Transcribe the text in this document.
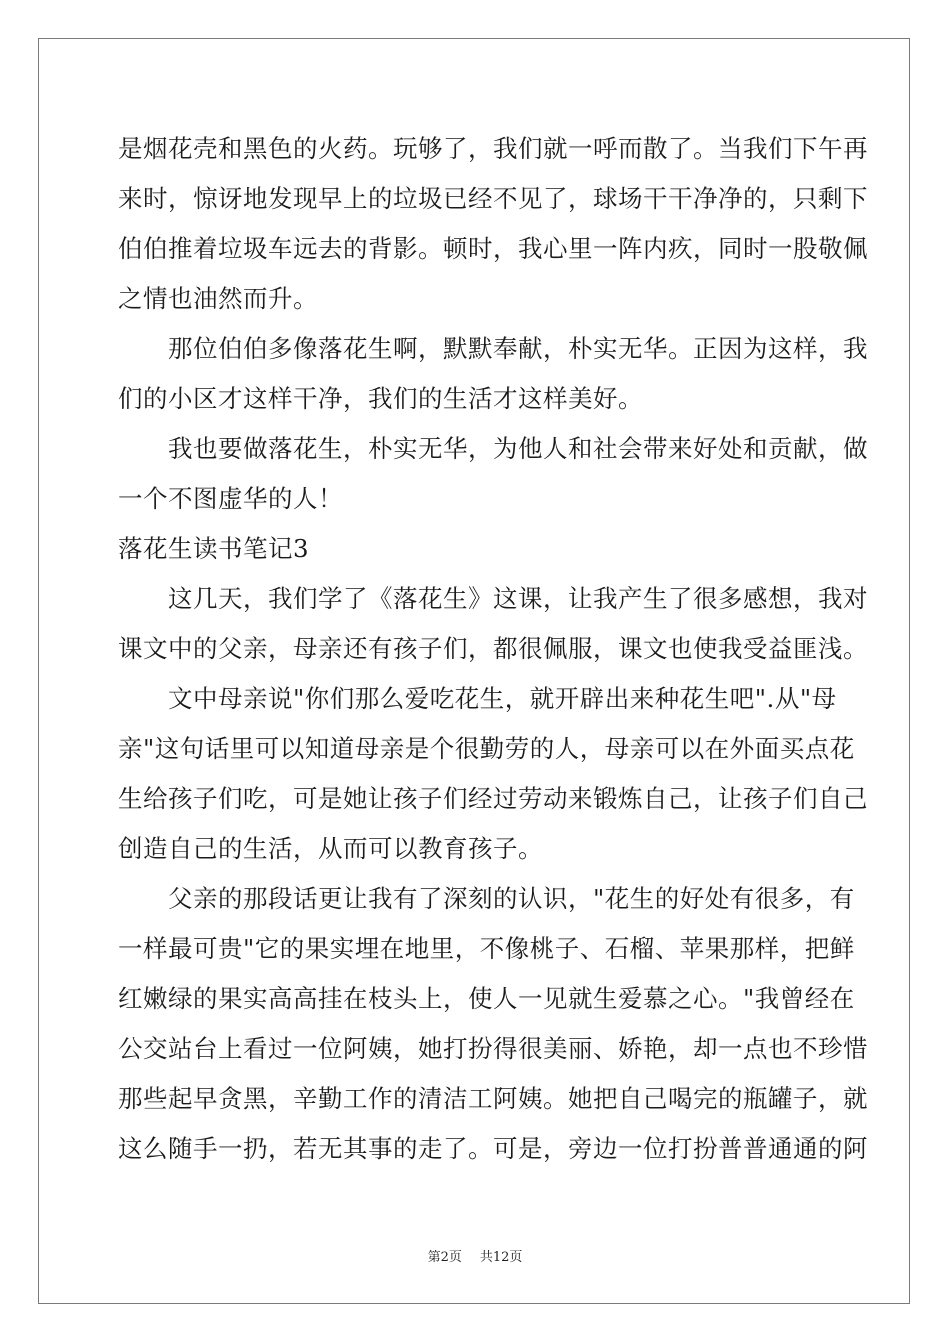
是烟花壳和黑色的火药。玩够了，我们就一呼而散了。当我们下午再
来时，惊讶地发现早上的垃圾已经不见了，球场干干净净的，只剩下
伯伯推着垃圾车远去的背影。顿时，我心里一阵内疚，同时一股敬佩
之情也油然而升。
　　那位伯伯多像落花生啊，默默奉献，朴实无华。正因为这样，我
们的小区才这样干净，我们的生活才这样美好。
　　我也要做落花生，朴实无华，为他人和社会带来好处和贡献，做
一个不图虚华的人！
落花生读书笔记3
　　这几天，我们学了《落花生》这课，让我产生了很多感想，我对
课文中的父亲，母亲还有孩子们，都很佩服，课文也使我受益匪浅。
　　文中母亲说"你们那么爱吃花生，就开辟出来种花生吧".从"母
亲"这句话里可以知道母亲是个很勤劳的人，母亲可以在外面买点花
生给孩子们吃，可是她让孩子们经过劳动来锻炼自己，让孩子们自己
创造自己的生活，从而可以教育孩子。
　　父亲的那段话更让我有了深刻的认识，"花生的好处有很多，有
一样最可贵"它的果实埋在地里，不像桃子、石榴、苹果那样，把鲜
红嫩绿的果实高高挂在枝头上，使人一见就生爱慕之心。"我曾经在
公交站台上看过一位阿姨，她打扮得很美丽、娇艳，却一点也不珍惜
那些起早贪黑，辛勤工作的清洁工阿姨。她把自己喝完的瓶罐子，就
这么随手一扔，若无其事的走了。可是，旁边一位打扮普普通通的阿
第2页 共12页
